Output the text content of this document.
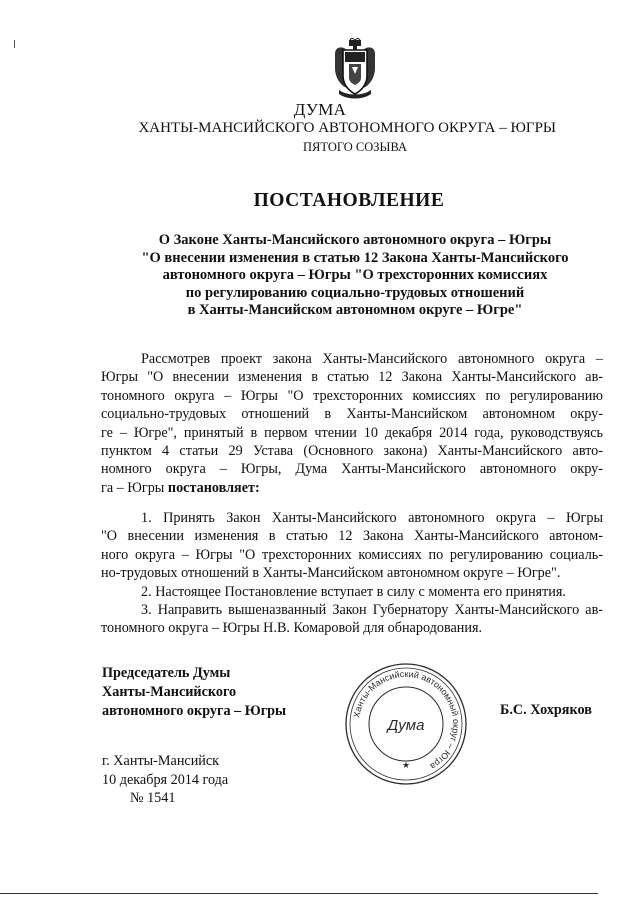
ДУМА
ХАНТЫ-МАНСИЙСКОГО АВТОНОМНОГО ОКРУГА – ЮГРЫ
ПЯТОГО СОЗЫВА
ПОСТАНОВЛЕНИЕ
О Законе Ханты-Мансийского автономного округа – Югры
"О внесении изменения в статью 12 Закона Ханты-Мансийского
автономного округа – Югры "О трехсторонних комиссиях
по регулированию социально-трудовых отношений
в Ханты-Мансийском автономном округе – Югре"
Рассмотрев проект закона Ханты-Мансийского автономного округа –
Югры "О внесении изменения в статью 12 Закона Ханты-Мансийского ав-
тономного округа – Югры "О трехсторонних комиссиях по регулированию
социально-трудовых отношений в Ханты-Мансийском автономном окру-
ге – Югре", принятый в первом чтении 10 декабря 2014 года, руководствуясь
пунктом 4 статьи 29 Устава (Основного закона) Ханты-Мансийского авто-
номного округа – Югры, Дума Ханты-Мансийского автономного окру-
га – Югры постановляет:
1. Принять Закон Ханты-Мансийского автономного округа – Югры
"О внесении изменения в статью 12 Закона Ханты-Мансийского автоном-
ного округа – Югры "О трехсторонних комиссиях по регулированию социаль-
но-трудовых отношений в Ханты-Мансийском автономном округе – Югре".
2. Настоящее Постановление вступает в силу с момента его принятия.
3. Направить вышеназванный Закон Губернатору Ханты-Мансийского ав-
тономного округа – Югры Н.В. Комаровой для обнародования.
Председатель Думы
Ханты-Мансийского
автономного округа – Югры	Ханты-Мансийский автономный округ – Югра
Дума
★
Б.С. Хохряков
г. Ханты-Мансийск
10 декабря 2014 года
№ 1541
